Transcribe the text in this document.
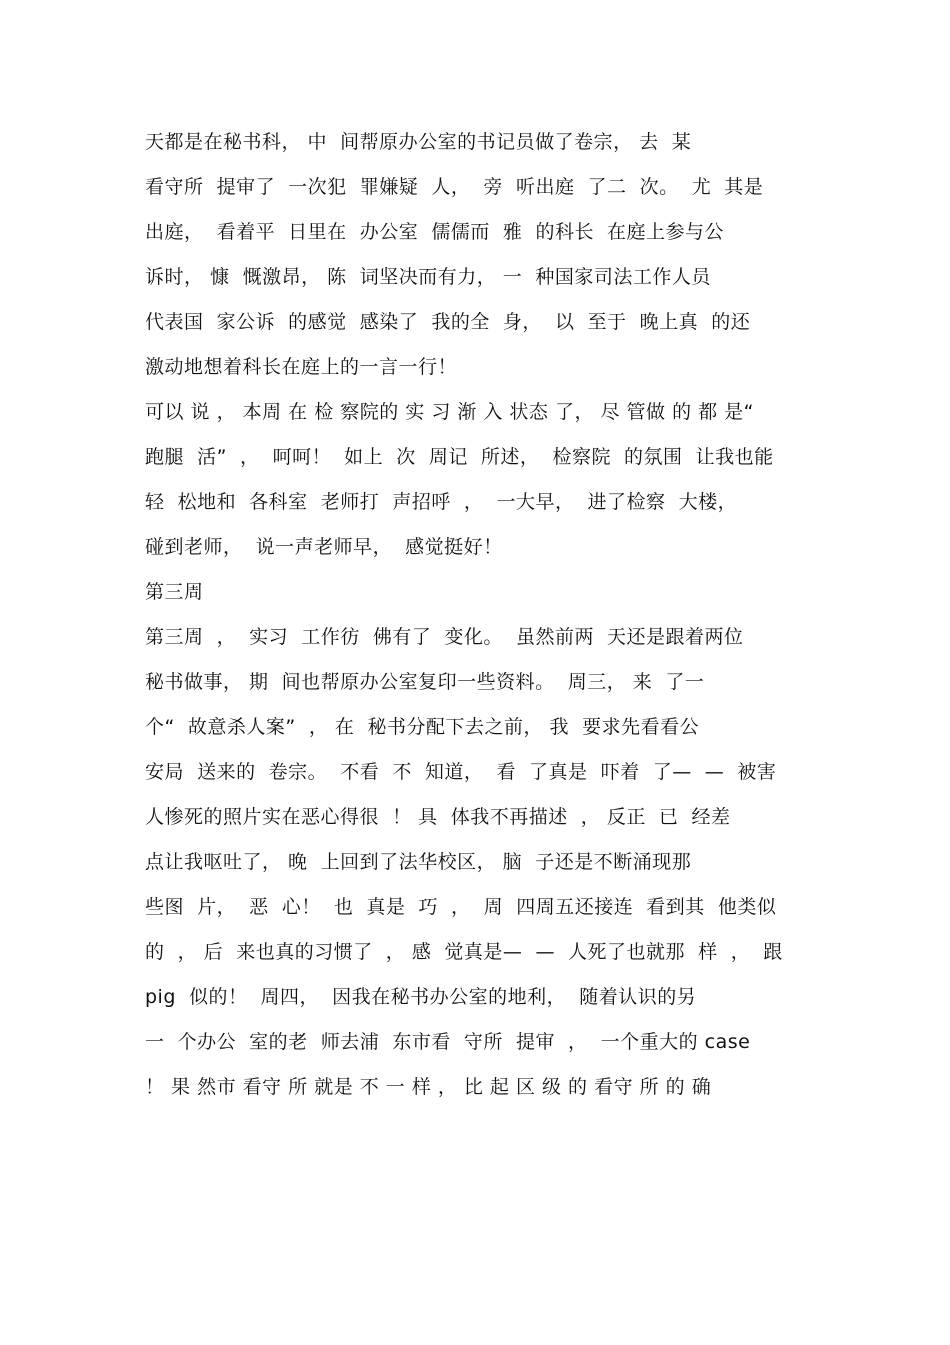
天都是在秘书科， 中  间帮原办公室的书记员做了卷宗， 去  某
看守所  提审了  一次犯  罪嫌疑  人，  旁  听出庭  了二  次。  尤  其是
出庭，  看着平  日里在  办公室  儒儒而  雅  的科长  在庭上参与公
诉时， 慷  慨激昂， 陈  词坚决而有力， 一  种国家司法工作人员
代表国  家公诉  的感觉  感染了  我的全  身，  以  至于  晚上真  的还
激动地想着科长在庭上的一言一行！
可以 说 ， 本周 在 检 察院的 实 习 渐 入 状态 了， 尽 管做 的 都 是“
跑腿  活”  ，  呵呵！  如上  次  周记  所述，  检察院  的氛围  让我也能
轻  松地和  各科室  老师打  声招呼  ，  一大早，  进了检察  大楼，
碰到老师，  说一声老师早，  感觉挺好！
第三周
第三周  ，  实习  工作彷  佛有了  变化。  虽然前两  天还是跟着两位
秘书做事， 期  间也帮原办公室复印一些资料。  周三， 来  了一
个“  故意杀人案”  ， 在  秘书分配下去之前， 我  要求先看看公
安局  送来的  卷宗。  不看  不  知道，  看  了真是  吓着  了—  —  被害
人惨死的照片实在恶心得很  ！ 具  体我不再描述  ， 反正  已  经差
点让我呕吐了， 晚  上回到了法华校区， 脑  子还是不断涌现那
些图  片，  恶  心！  也  真是  巧  ，  周  四周五还接连  看到其  他类似
的  ， 后  来也真的习惯了  ， 感  觉真是—  —  人死了也就那  样  ，  跟
pig  似的！  周四，  因我在秘书办公室的地利，  随着认识的另
一  个办公  室的老  师去浦  东市看  守所  提审  ，  一个重大的 case
！ 果 然市 看守 所 就是 不 一 样 ， 比 起 区 级 的 看守 所 的 确
